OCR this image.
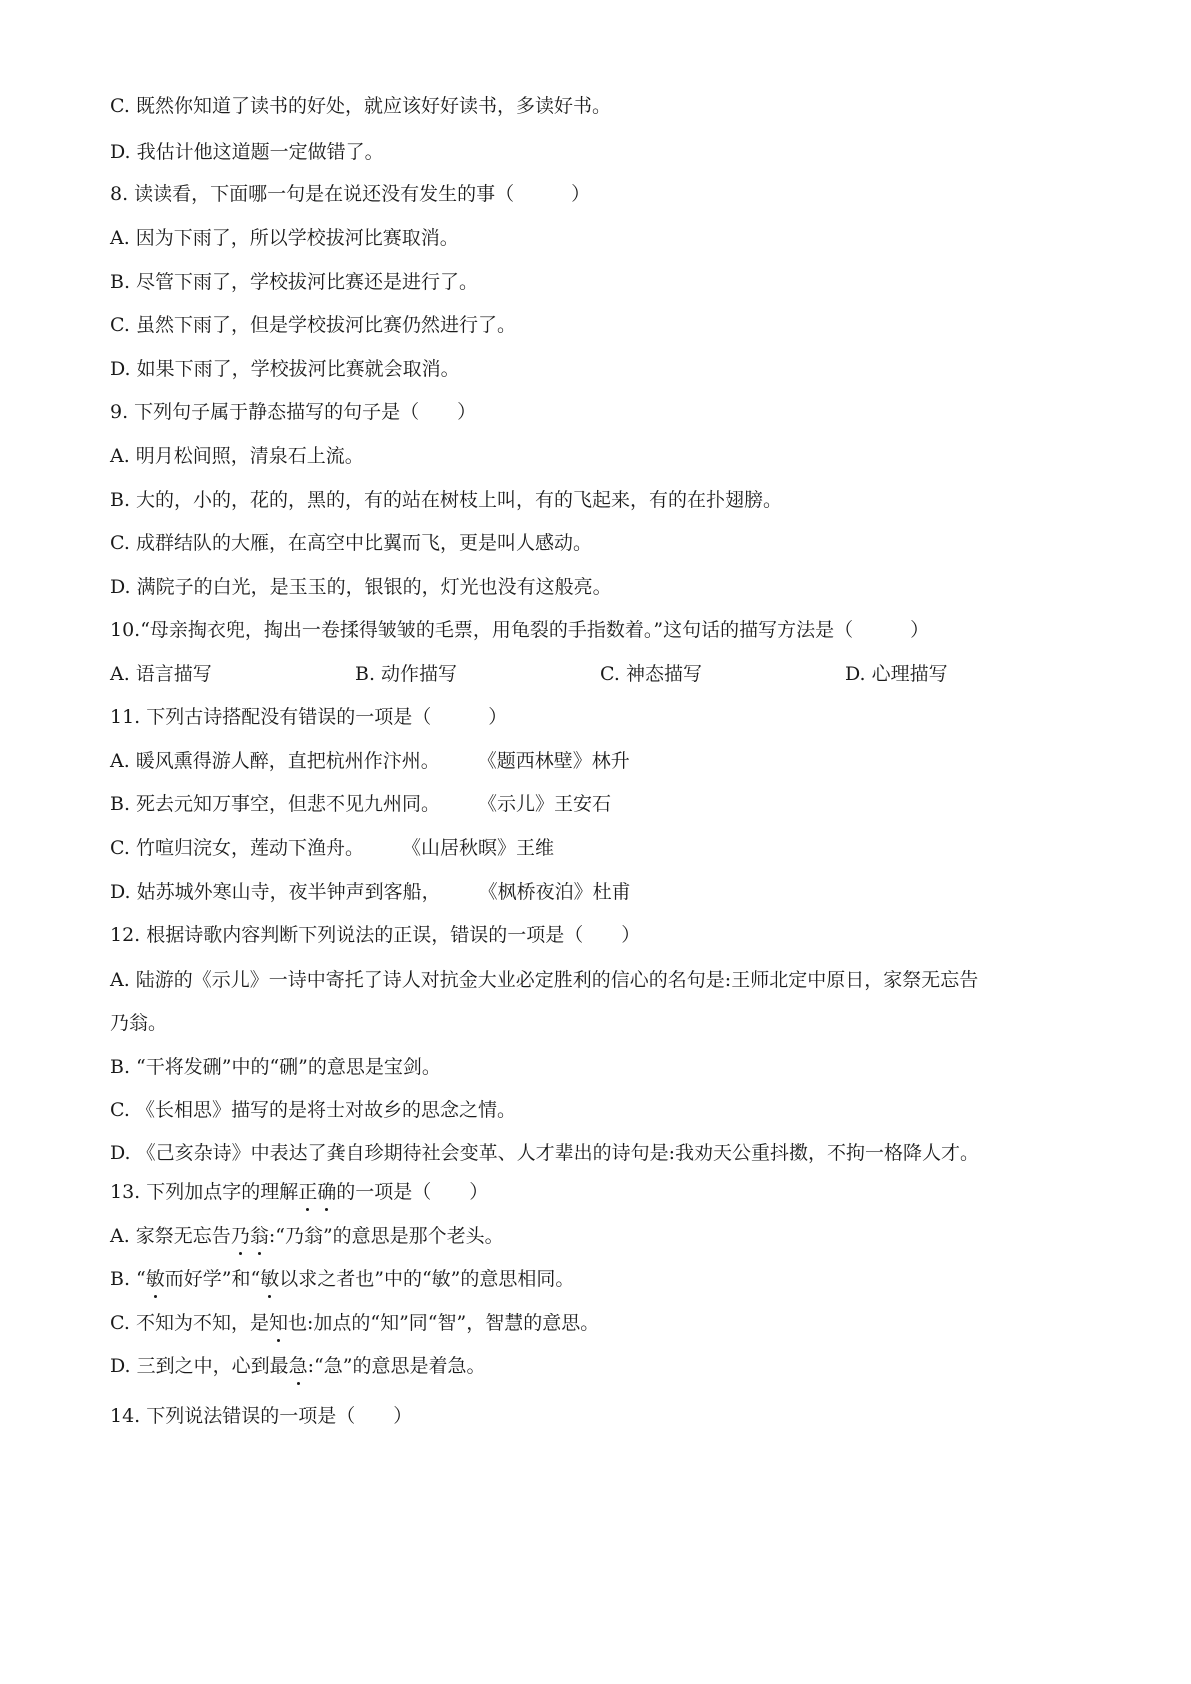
C. 既然你知道了读书的好处，就应该好好读书，多读好书。
D. 我估计他这道题一定做错了。
8. 读读看，下面哪一句是在说还没有发生的事（　　　）
A. 因为下雨了，所以学校拔河比赛取消。
B. 尽管下雨了，学校拔河比赛还是进行了。
C. 虽然下雨了，但是学校拔河比赛仍然进行了。
D. 如果下雨了，学校拔河比赛就会取消。
9. 下列句子属于静态描写的句子是（　　）
A. 明月松间照，清泉石上流。
B. 大的，小的，花的，黑的，有的站在树枝上叫，有的飞起来，有的在扑翅膀。
C. 成群结队的大雁，在高空中比翼而飞，更是叫人感动。
D. 满院子的白光，是玉玉的，银银的，灯光也没有这般亮。
10.“母亲掏衣兜，掏出一卷揉得皱皱的毛票，用龟裂的手指数着。”这句话的描写方法是（　　　）
A. 语言描写	B. 动作描写	C. 神态描写	D. 心理描写
11. 下列古诗搭配没有错误的一项是（　　　）
A. 暖风熏得游人醉，直把杭州作汴州。　　　《题西林壁》林升
B. 死去元知万事空，但悲不见九州同。　　　《示儿》王安石
C. 竹喧归浣女，莲动下渔舟。　　　《山居秋暝》王维
D. 姑苏城外寒山寺，夜半钟声到客船，　　　《枫桥夜泊》杜甫
12. 根据诗歌内容判断下列说法的正误，错误的一项是（　　）
A. 陆游的《示儿》一诗中寄托了诗人对抗金大业必定胜利的信心的名句是:王师北定中原日，家祭无忘告
乃翁。
B. “干将发硎”中的“硎”的意思是宝剑。
C. 《长相思》描写的是将士对故乡的思念之情。
D. 《己亥杂诗》中表达了龚自珍期待社会变革、人才辈出的诗句是:我劝天公重抖擞，不拘一格降人才。
13. 下列加点字的理解正确的一项是（　　）
A. 家祭无忘告乃翁:“乃翁”的意思是那个老头。
B. “敏而好学”和“敏以求之者也”中的“敏”的意思相同。
C. 不知为不知，是知也:加点的“知”同“智”，智慧的意思。
D. 三到之中，心到最急:“急”的意思是着急。
14. 下列说法错误的一项是（　　）
